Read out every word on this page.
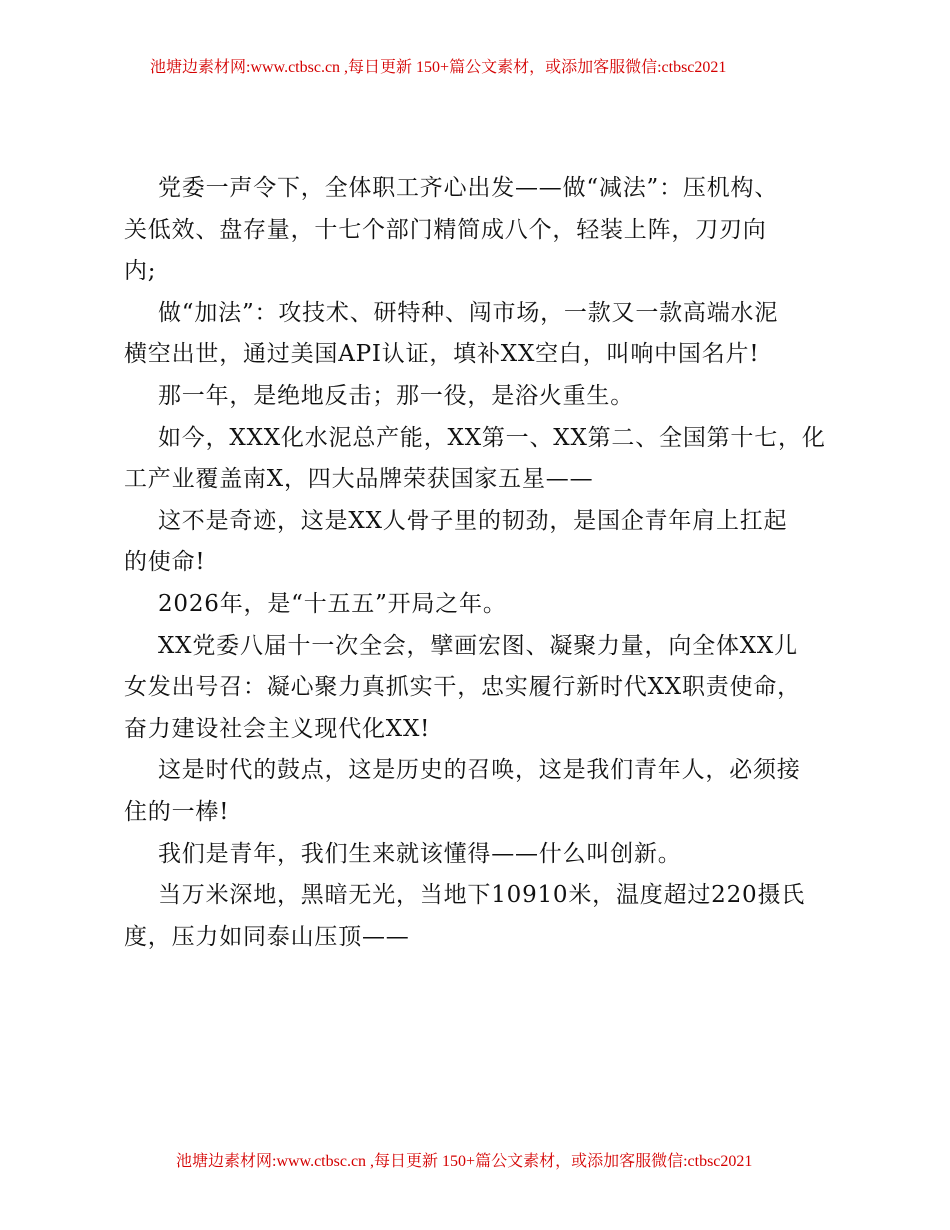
池塘边素材网:www.ctbsc.cn ,每日更新 150+篇公文素材，或添加客服微信:ctbsc2021
党委一声令下，全体职工齐心出发——做“减法”：压机构、
关低效、盘存量，十七个部门精简成八个，轻装上阵，刀刃向
内;
做“加法”：攻技术、研特种、闯市场，一款又一款高端水泥
横空出世，通过美国API认证，填补XX空白，叫响中国名片!
那一年，是绝地反击；那一役，是浴火重生。
如今，XXX化水泥总产能，XX第一、XX第二、全国第十七，化
工产业覆盖南X，四大品牌荣获国家五星——
这不是奇迹，这是XX人骨子里的韧劲，是国企青年肩上扛起
的使命!
2026年，是“十五五”开局之年。
XX党委八届十一次全会，擘画宏图、凝聚力量，向全体XX儿
女发出号召：凝心聚力真抓实干，忠实履行新时代XX职责使命，
奋力建设社会主义现代化XX!
这是时代的鼓点，这是历史的召唤，这是我们青年人，必须接
住的一棒!
我们是青年，我们生来就该懂得——什么叫创新。
当万米深地，黑暗无光，当地下10910米，温度超过220摄氏
度，压力如同泰山压顶——
池塘边素材网:www.ctbsc.cn ,每日更新 150+篇公文素材，或添加客服微信:ctbsc2021
